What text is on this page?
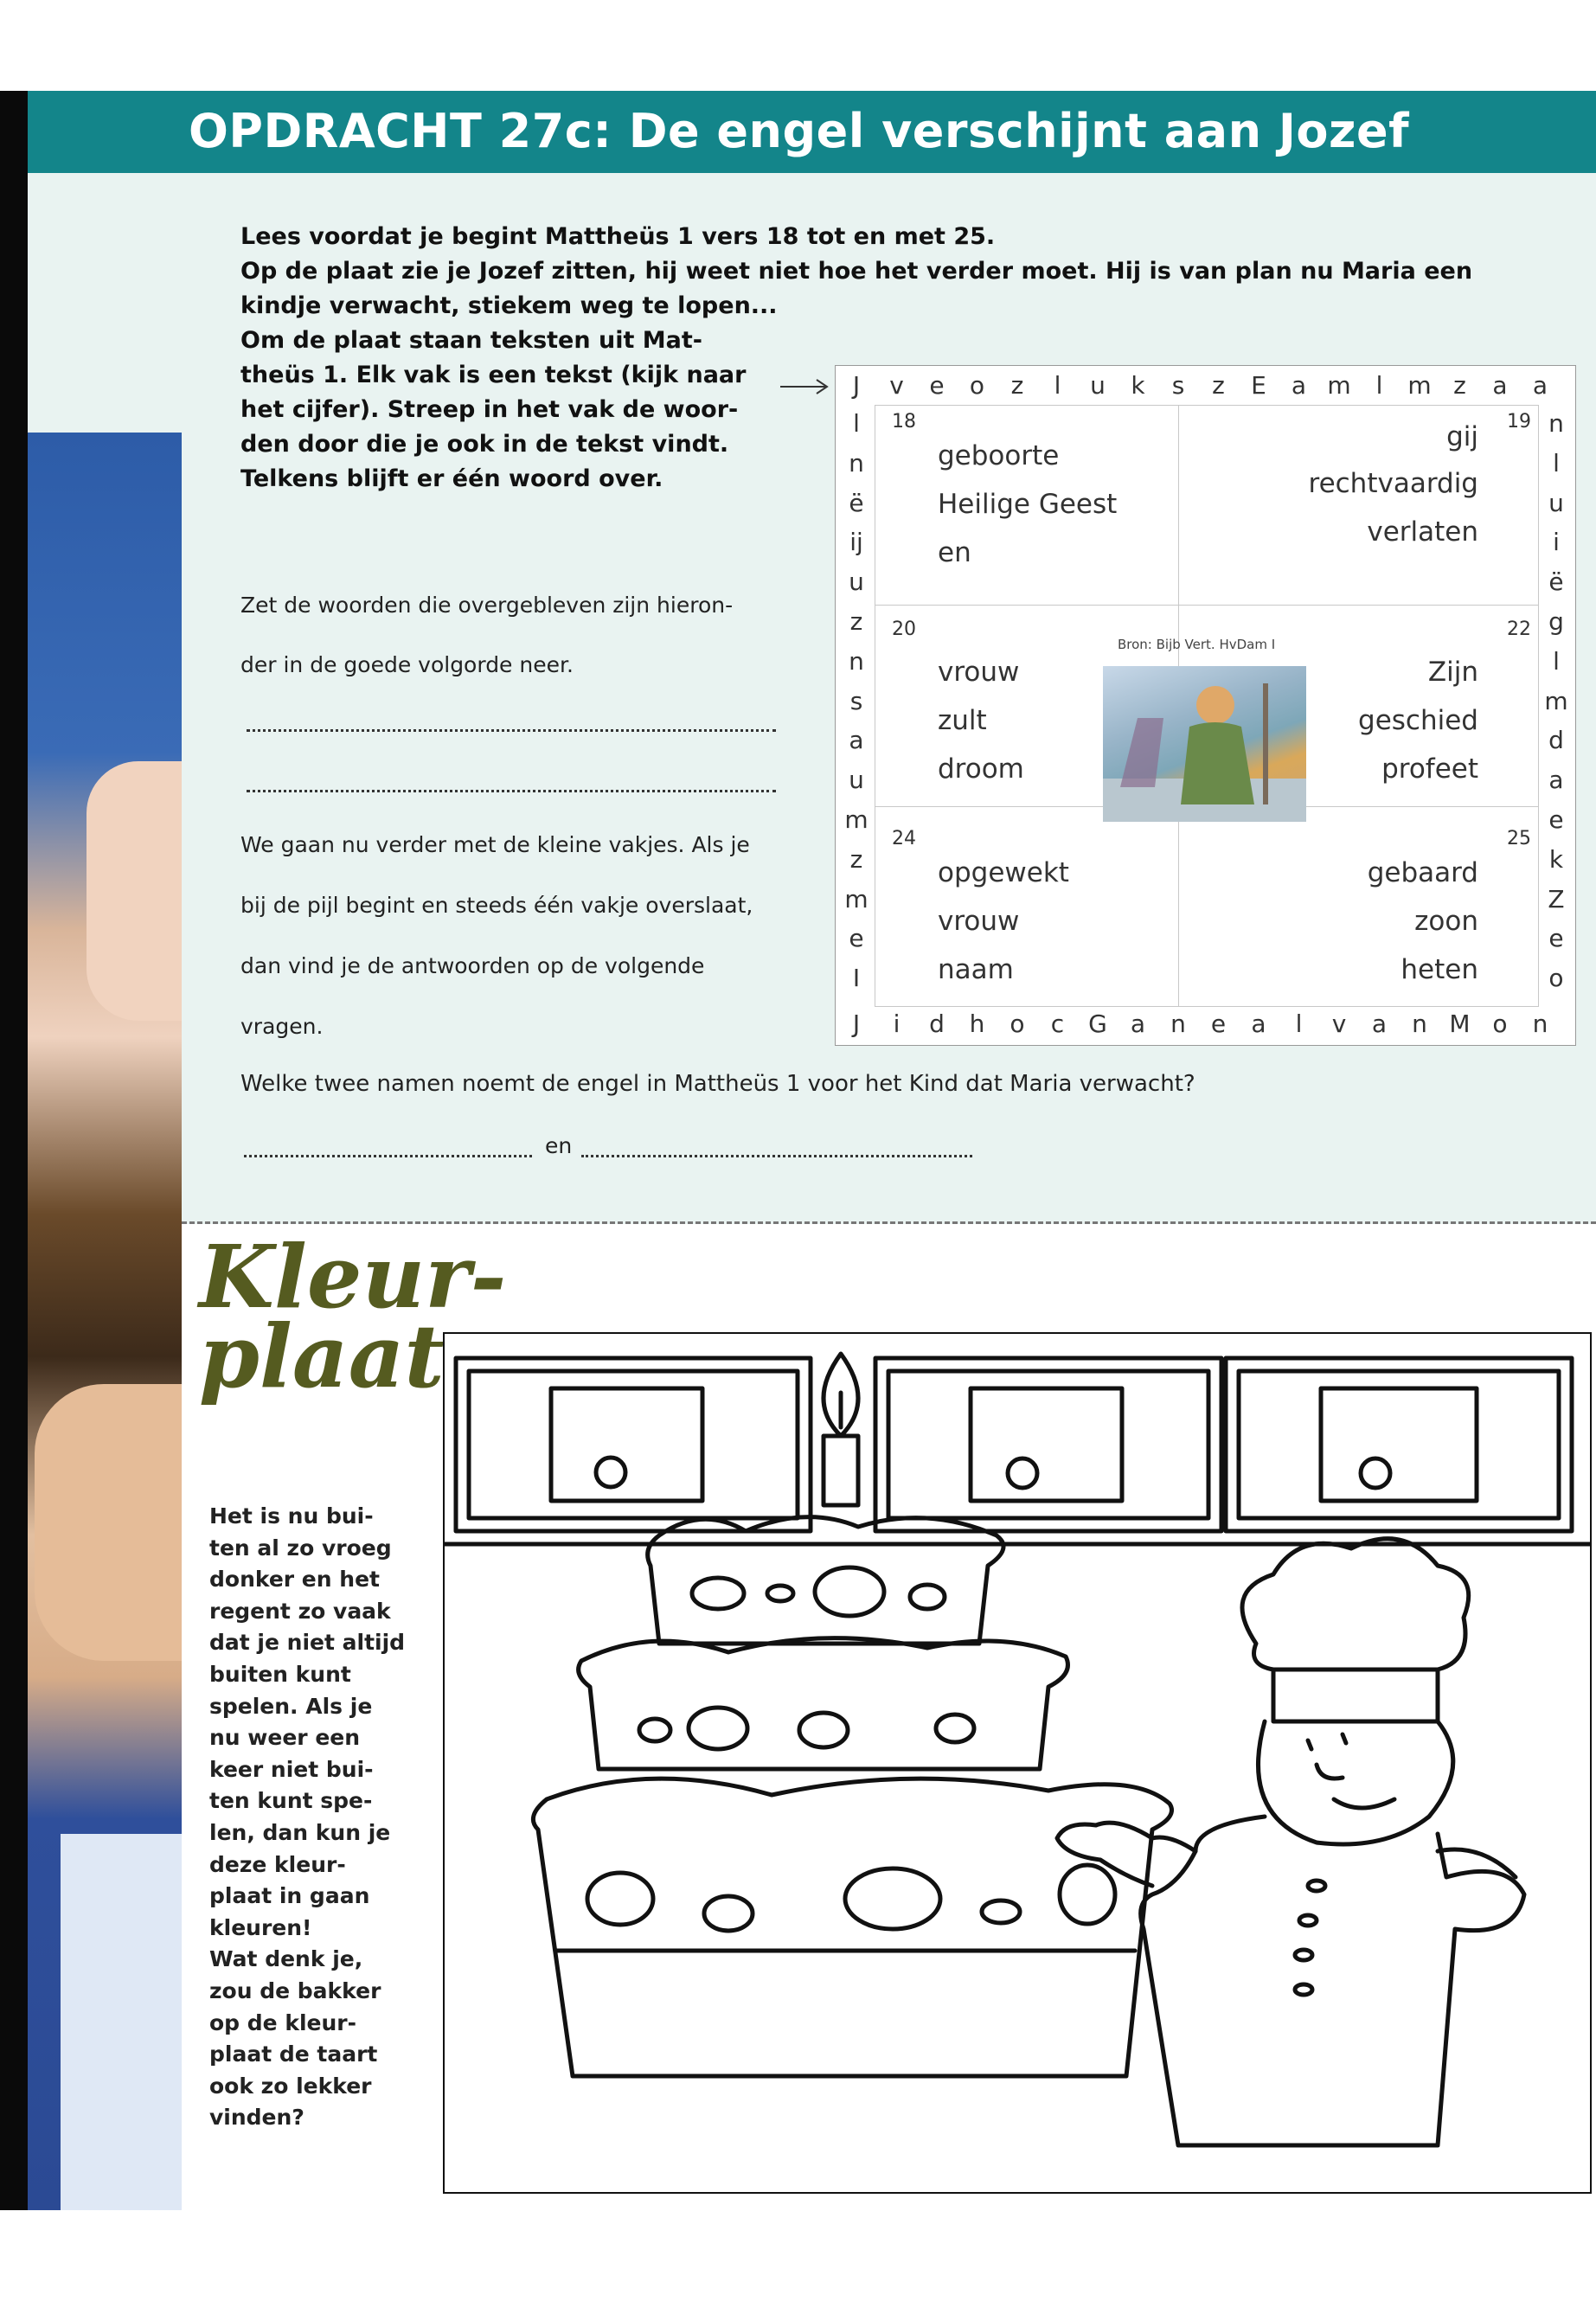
OPDRACHT 27c: De engel verschijnt aan Jozef
Lees voordat je begint Mattheüs 1 vers 18 tot en met 25.
Op de plaat zie je Jozef zitten, hij weet niet hoe het verder moet. Hij is van plan nu Maria een
kindje verwacht, stiekem weg te lopen...
Om de plaat staan teksten uit Mat-
theüs 1. Elk vak is een tekst (kijk naar
het cijfer). Streep in het vak de woor-
den door die je ook in de tekst vindt.
Telkens blijft er één woord over.
Zet de woorden die overgebleven zijn hieron-
der in de goede volgorde neer.
We gaan nu verder met de kleine vakjes. Als je
bij de pijl begint en steeds één vakje overslaat,
dan vind je de antwoorden op de volgende
vragen.
18
geboorte
Heilige Geest
en
19
gij
rechtvaardig
verlaten
20
vrouw
zult
droom
22
Zijn
geschied
profeet
24
opgewekt
vrouw
naam
25
gebaard
zoon
heten
J	v	e	o	z	l	u	k	s	z	E	a m	l	m z	a	a
J	i	d	h	o	c G a	n	e	a	l	v	a	n M o	n
l
n
ë
ij
u
z
n
s
a
u
m
z
m
e
I
n
l
u
i
ë
g
l
m
d
a
e
k
Z
e
o
Bron: Bijb Vert. HvDam I
Welke twee namen noemt de engel in Mattheüs 1 voor het Kind dat Maria verwacht?
en
Kleur-
plaat
Het is nu bui-
ten al zo vroeg
donker en het
regent zo vaak
dat je niet altijd
buiten kunt
spelen. Als je
nu weer een
keer niet bui-
ten kunt spe-
len, dan kun je
deze kleur-
plaat in gaan
kleuren!
Wat denk je,
zou de bakker
op de kleur-
plaat de taart
ook zo lekker
vinden?
